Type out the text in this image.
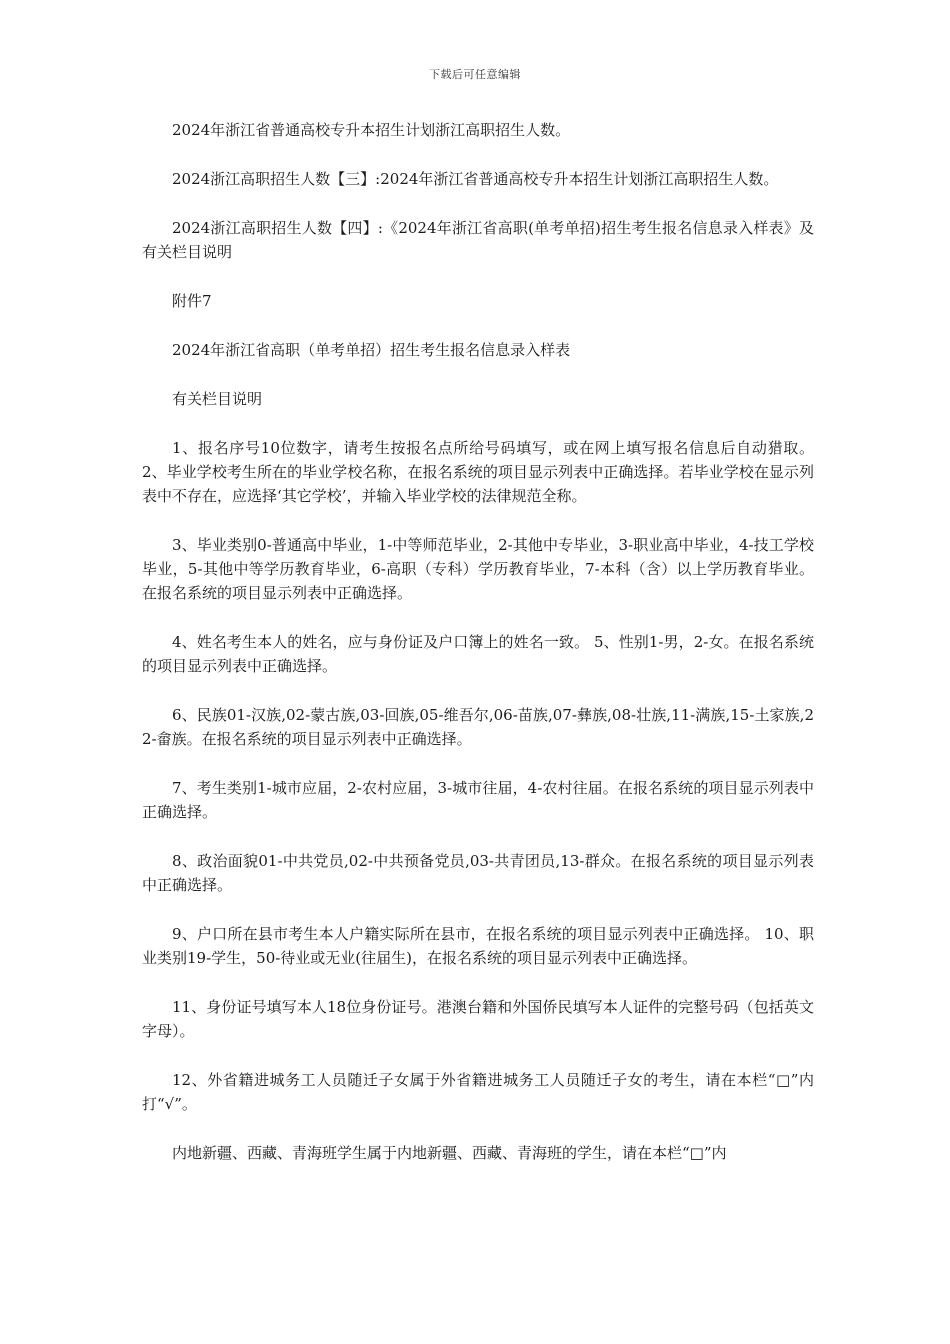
下载后可任意编辑

2024年浙江省普通高校专升本招生计划浙江高职招生人数。

2024浙江高职招生人数【三】:2024年浙江省普通高校专升本招生计划浙江高职招生人数。

2024浙江高职招生人数【四】:《2024年浙江省高职(单考单招)招生考生报名信息录入样表》及有关栏目说明

附件7

2024年浙江省高职（单考单招）招生考生报名信息录入样表

有关栏目说明

1、报名序号10位数字，请考生按报名点所给号码填写，或在网上填写报名信息后自动猎取。 2、毕业学校考生所在的毕业学校名称，在报名系统的项目显示列表中正确选择。若毕业学校在显示列表中不存在，应选择‘其它学校’，并输入毕业学校的法律规范全称。

3、毕业类别0-普通高中毕业，1-中等师范毕业，2-其他中专毕业，3-职业高中毕业，4-技工学校毕业，5-其他中等学历教育毕业，6-高职（专科）学历教育毕业，7-本科（含）以上学历教育毕业。在报名系统的项目显示列表中正确选择。

4、姓名考生本人的姓名，应与身份证及户口簿上的姓名一致。 5、性别1-男，2-女。在报名系统的项目显示列表中正确选择。

6、民族01-汉族,02-蒙古族,03-回族,05-维吾尔,06-苗族,07-彝族,08-壮族,11-满族,15-土家族,22-畲族。在报名系统的项目显示列表中正确选择。

7、考生类别1-城市应届，2-农村应届，3-城市往届，4-农村往届。在报名系统的项目显示列表中正确选择。

8、政治面貌01-中共党员,02-中共预备党员,03-共青团员,13-群众。在报名系统的项目显示列表中正确选择。

9、户口所在县市考生本人户籍实际所在县市，在报名系统的项目显示列表中正确选择。 10、职业类别19-学生，50-待业或无业(往届生)，在报名系统的项目显示列表中正确选择。

11、身份证号填写本人18位身份证号。港澳台籍和外国侨民填写本人证件的完整号码（包括英文字母）。

12、外省籍进城务工人员随迁子女属于外省籍进城务工人员随迁子女的考生，请在本栏“□”内打“√”。

内地新疆、西藏、青海班学生属于内地新疆、西藏、青海班的学生，请在本栏“□”内
